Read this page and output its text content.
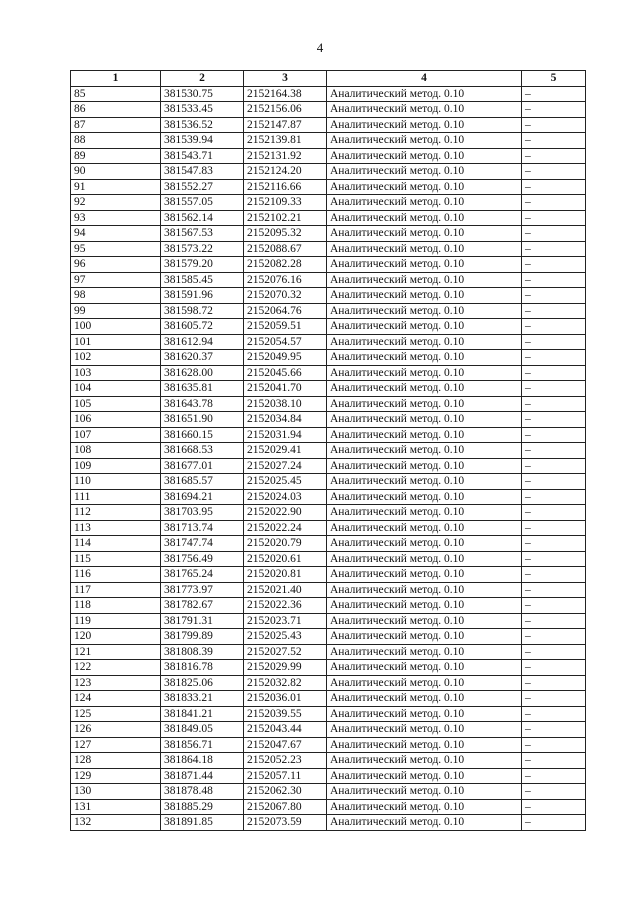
4
1	2	3	4	5
85	381530.75	2152164.38	Аналитический метод. 0.10	–
86	381533.45	2152156.06	Аналитический метод. 0.10	–
87	381536.52	2152147.87	Аналитический метод. 0.10	–
88	381539.94	2152139.81	Аналитический метод. 0.10	–
89	381543.71	2152131.92	Аналитический метод. 0.10	–
90	381547.83	2152124.20	Аналитический метод. 0.10	–
91	381552.27	2152116.66	Аналитический метод. 0.10	–
92	381557.05	2152109.33	Аналитический метод. 0.10	–
93	381562.14	2152102.21	Аналитический метод. 0.10	–
94	381567.53	2152095.32	Аналитический метод. 0.10	–
95	381573.22	2152088.67	Аналитический метод. 0.10	–
96	381579.20	2152082.28	Аналитический метод. 0.10	–
97	381585.45	2152076.16	Аналитический метод. 0.10	–
98	381591.96	2152070.32	Аналитический метод. 0.10	–
99	381598.72	2152064.76	Аналитический метод. 0.10	–
100	381605.72	2152059.51	Аналитический метод. 0.10	–
101	381612.94	2152054.57	Аналитический метод. 0.10	–
102	381620.37	2152049.95	Аналитический метод. 0.10	–
103	381628.00	2152045.66	Аналитический метод. 0.10	–
104	381635.81	2152041.70	Аналитический метод. 0.10	–
105	381643.78	2152038.10	Аналитический метод. 0.10	–
106	381651.90	2152034.84	Аналитический метод. 0.10	–
107	381660.15	2152031.94	Аналитический метод. 0.10	–
108	381668.53	2152029.41	Аналитический метод. 0.10	–
109	381677.01	2152027.24	Аналитический метод. 0.10	–
110	381685.57	2152025.45	Аналитический метод. 0.10	–
111	381694.21	2152024.03	Аналитический метод. 0.10	–
112	381703.95	2152022.90	Аналитический метод. 0.10	–
113	381713.74	2152022.24	Аналитический метод. 0.10	–
114	381747.74	2152020.79	Аналитический метод. 0.10	–
115	381756.49	2152020.61	Аналитический метод. 0.10	–
116	381765.24	2152020.81	Аналитический метод. 0.10	–
117	381773.97	2152021.40	Аналитический метод. 0.10	–
118	381782.67	2152022.36	Аналитический метод. 0.10	–
119	381791.31	2152023.71	Аналитический метод. 0.10	–
120	381799.89	2152025.43	Аналитический метод. 0.10	–
121	381808.39	2152027.52	Аналитический метод. 0.10	–
122	381816.78	2152029.99	Аналитический метод. 0.10	–
123	381825.06	2152032.82	Аналитический метод. 0.10	–
124	381833.21	2152036.01	Аналитический метод. 0.10	–
125	381841.21	2152039.55	Аналитический метод. 0.10	–
126	381849.05	2152043.44	Аналитический метод. 0.10	–
127	381856.71	2152047.67	Аналитический метод. 0.10	–
128	381864.18	2152052.23	Аналитический метод. 0.10	–
129	381871.44	2152057.11	Аналитический метод. 0.10	–
130	381878.48	2152062.30	Аналитический метод. 0.10	–
131	381885.29	2152067.80	Аналитический метод. 0.10	–
132	381891.85	2152073.59	Аналитический метод. 0.10	–
